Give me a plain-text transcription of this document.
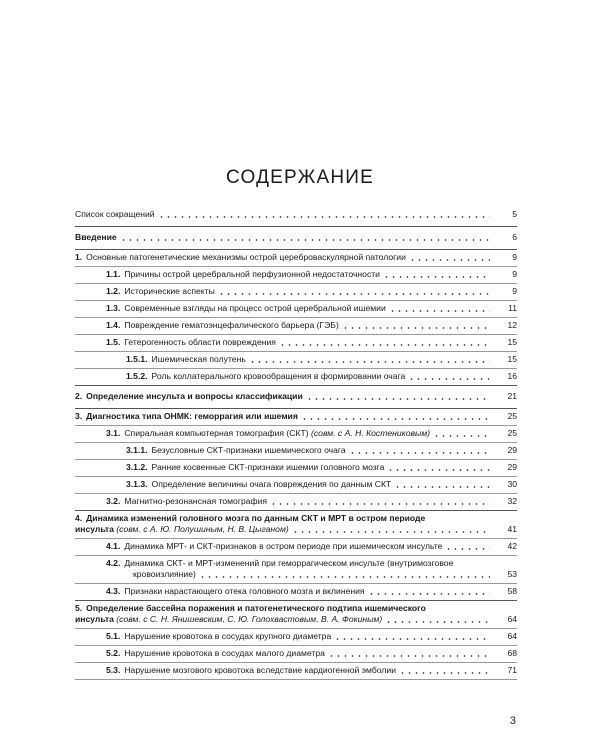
СОДЕРЖАНИЕ
Список сокращений	5
Введение	6
1. Основные патогенетические механизмы острой цереброваскулярной патологии	9
1.1. Причины острой церебральной перфузионной недостаточности	9
1.2. Исторические аспекты	9
1.3. Современные взгляды на процесс острой церебральной ишемии	11
1.4. Повреждение гематоэнцефалического барьера (ГЭБ)	12
1.5. Гетерогенность области повреждения	15
1.5.1. Ишемическая полутень	15
1.5.2. Роль коллатерального кровообращения в формировании очага	16
2. Определение инсульта и вопросы классификации	21
3. Диагностика типа ОНМК: геморрагия или ишемия	25
3.1. Спиральная компьютерная томография (СКТ) (совм. с А. Н. Костениковым)	25
3.1.1. Безусловные СКТ-признаки ишемического очага	29
3.1.2. Ранние косвенные СКТ-признаки ишемии головного мозга	29
3.1.3. Определение величины очага повреждения по данным СКТ	30
3.2. Магнитно-резонансная томография	32
4. Динамика изменений головного мозга по данным СКТ и МРТ в остром периоде
инсульта (совм. с А. Ю. Полушиным, Н. В. Цыганом)	41
4.1. Динамика МРТ- и СКТ-признаков в остром периоде при ишемическом инсульте	42
4.2. Динамика СКТ- и МРТ-изменений при геморрагическом инсульте (внутримозговое
кровоизлияние)	53
4.3. Признаки нарастающего отека головного мозга и вклинения	58
5. Определение бассейна поражения и патогенетического подтипа ишемического
инсульта (совм. с С. Н. Янишевским, С. Ю. Голохвастовым, В. А. Фокиным)	64
5.1. Нарушение кровотока в сосудах крупного диаметра	64
5.2. Нарушение кровотока в сосудах малого диаметра	68
5.3. Нарушение мозгового кровотока вследствие кардиогенной эмболии	71
3
